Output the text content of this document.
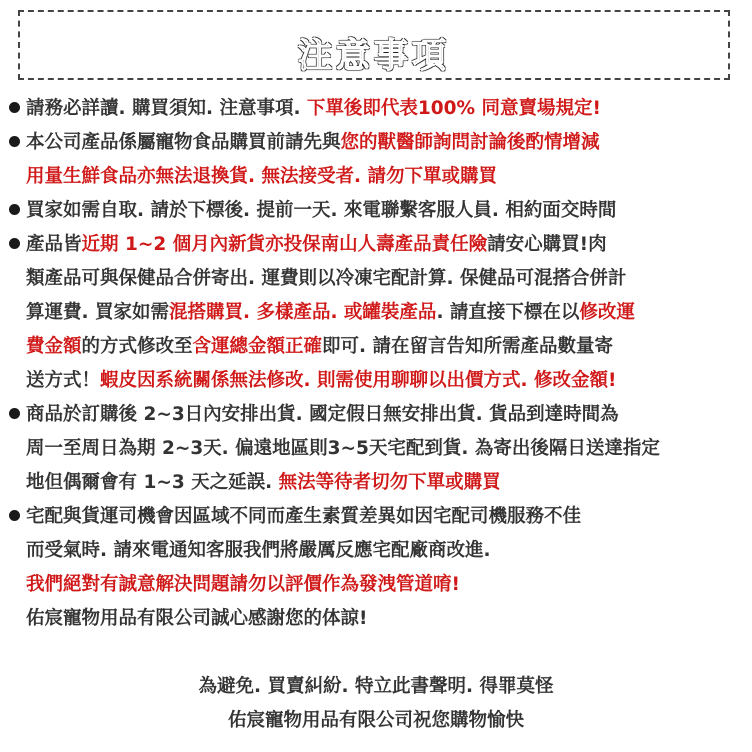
注意事項
請務必詳讀. 購買須知. 注意事項. 下單後即代表100% 同意賣場規定!
本公司產品係屬寵物食品購買前請先與您的獸醫師詢問討論後酌情增減
用量生鮮食品亦無法退換貨. 無法接受者. 請勿下單或購買
買家如需自取. 請於下標後. 提前一天. 來電聯繫客服人員. 相約面交時間
產品皆近期 1~2 個月內新貨亦投保南山人壽產品責任險請安心購買!肉
類產品可與保健品合併寄出. 運費則以冷凍宅配計算. 保健品可混搭合併計
算運費. 買家如需混搭購買. 多樣產品. 或罐裝產品. 請直接下標在以修改運
費金額的方式修改至含運總金額正確即可. 請在留言告知所需產品數量寄
送方式！蝦皮因系統關係無法修改. 則需使用聊聊以出價方式. 修改金額!
商品於訂購後 2~3日內安排出貨. 國定假日無安排出貨. 貨品到達時間為
周一至周日為期 2~3天. 偏遠地區則3~5天宅配到貨. 為寄出後隔日送達指定
地但偶爾會有 1~3 天之延誤. 無法等待者切勿下單或購買
宅配與貨運司機會因區域不同而產生素質差異如因宅配司機服務不佳
而受氣時. 請來電通知客服我們將嚴厲反應宅配廠商改進.
我們絕對有誠意解決問題請勿以評價作為發洩管道唷!
佑宸寵物用品有限公司誠心感謝您的体諒!
為避免. 買賣糾紛. 特立此書聲明. 得罪莫怪
佑宸寵物用品有限公司祝您購物愉快
